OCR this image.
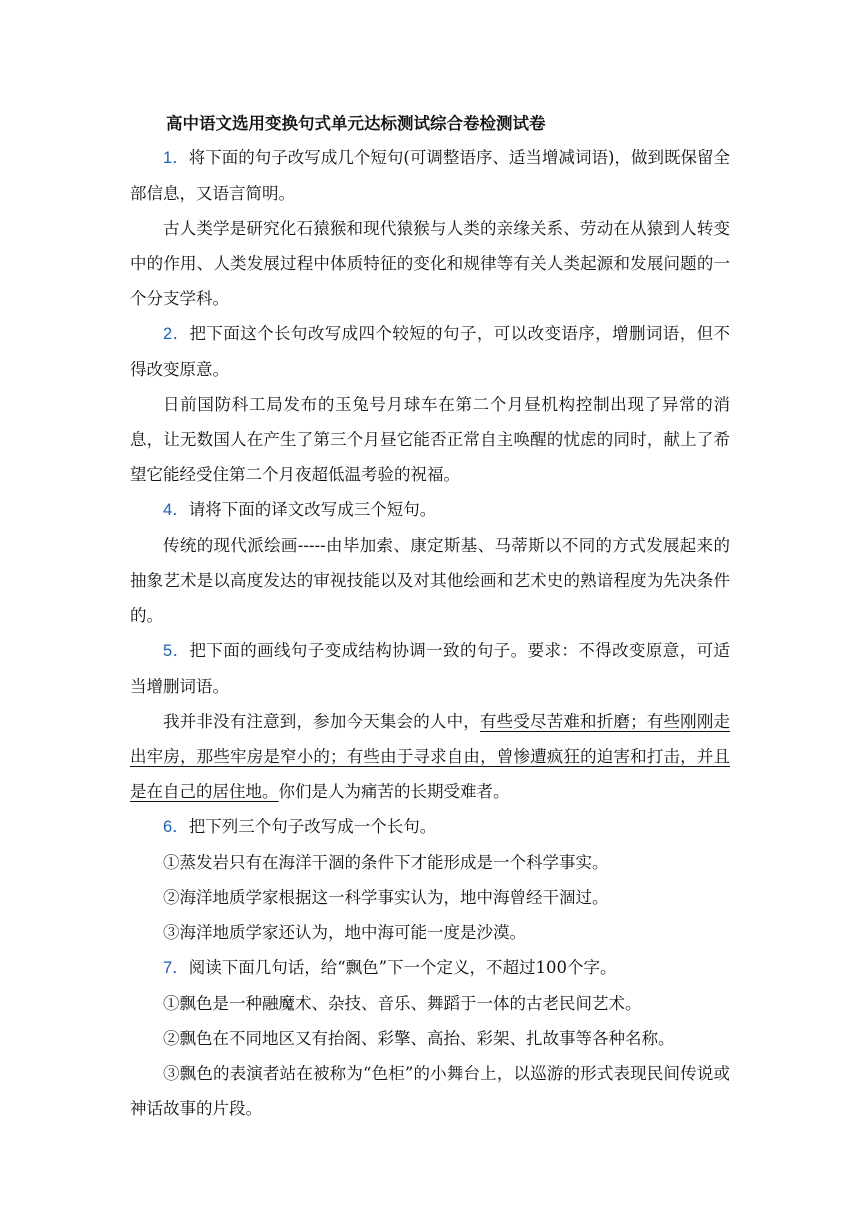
高中语文选用变换句式单元达标测试综合卷检测试卷

1．将下面的句子改写成几个短句(可调整语序、适当增减词语)，做到既保留全部信息，又语言简明。

古人类学是研究化石猿猴和现代猿猴与人类的亲缘关系、劳动在从猿到人转变中的作用、人类发展过程中体质特征的变化和规律等有关人类起源和发展问题的一个分支学科。

2．把下面这个长句改写成四个较短的句子，可以改变语序，增删词语，但不得改变原意。

日前国防科工局发布的玉兔号月球车在第二个月昼机构控制出现了异常的消息，让无数国人在产生了第三个月昼它能否正常自主唤醒的忧虑的同时，献上了希望它能经受住第二个月夜超低温考验的祝福。

4．请将下面的译文改写成三个短句。

传统的现代派绘画-----由毕加索、康定斯基、马蒂斯以不同的方式发展起来的抽象艺术是以高度发达的审视技能以及对其他绘画和艺术史的熟谙程度为先决条件的。

5．把下面的画线句子变成结构协调一致的句子。要求：不得改变原意，可适当增删词语。

我并非没有注意到，参加今天集会的人中，有些受尽苦难和折磨；有些刚刚走出牢房，那些牢房是窄小的；有些由于寻求自由，曾惨遭疯狂的迫害和打击，并且是在自己的居住地。你们是人为痛苦的长期受难者。

6．把下列三个句子改写成一个长句。

①蒸发岩只有在海洋干涸的条件下才能形成是一个科学事实。

②海洋地质学家根据这一科学事实认为，地中海曾经干涸过。

③海洋地质学家还认为，地中海可能一度是沙漠。

7．阅读下面几句话，给“飘色”下一个定义，不超过100个字。

①飘色是一种融魔术、杂技、音乐、舞蹈于一体的古老民间艺术。

②飘色在不同地区又有抬阁、彩擎、高抬、彩架、扎故事等各种名称。

③飘色的表演者站在被称为“色柜”的小舞台上，以巡游的形式表现民间传说或神话故事的片段。
